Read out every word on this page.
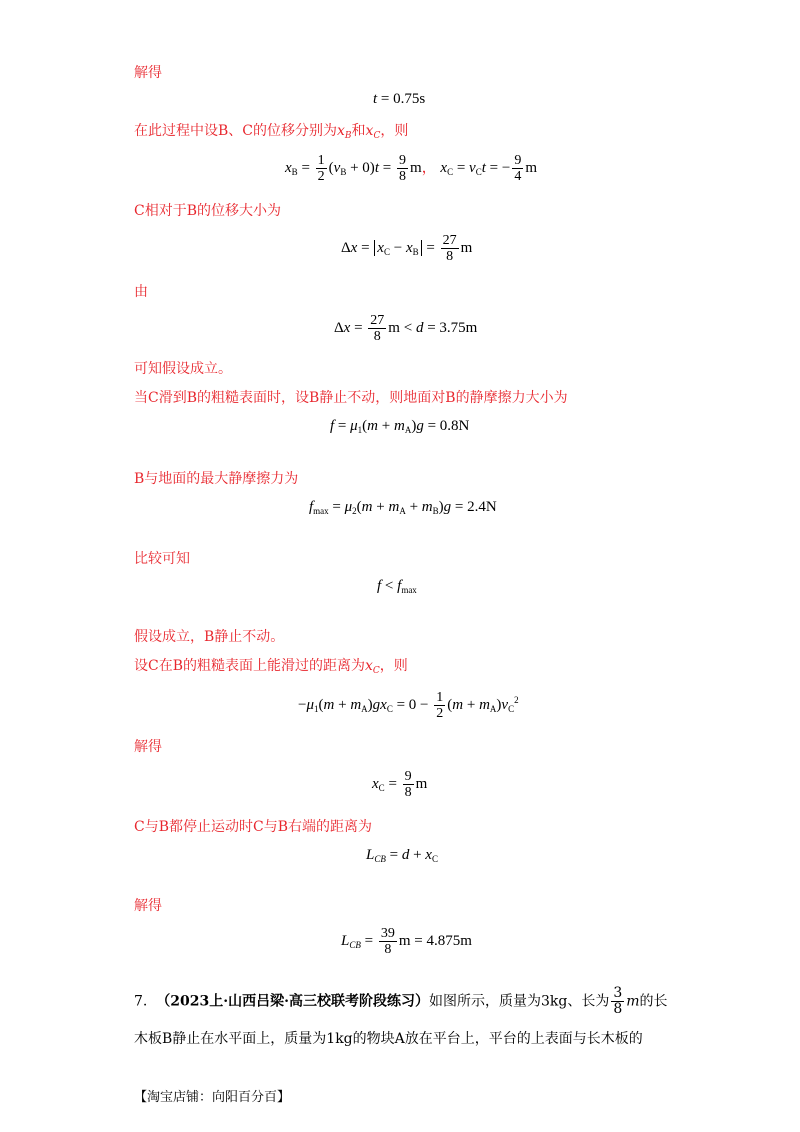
解得
t = 0.75s
在此过程中设B、C的位移分别为$x_B$和$x_C$，则
$x_B = \frac{1}{2} (v_B + 0)t = \frac{9}{8}$ m， $x_C = v_Ct$ = − $\frac{9}{4}$ m
C相对于B的位移大小为
$\Delta x = x_C - x_B = \frac{27}{8}$ m
由
$\Delta x = \frac{27}{8}$ m < d = 3.75m
可知假设成立。
当C滑到B的粗糙表面时，设B静止不动，则地面对B的静摩擦力大小为
$f = \mu_1(m + m_A)g = 0.8N$
B与地面的最大静摩擦力为
$f_{max} = \mu_2(m + m_A + m_B)g = 2.4N$
比较可知
$f < f_{max}$
假设成立，B静止不动。
设C在B的粗糙表面上能滑过的距离为$x_C$，则
$-\mu_1(m + m_A)gx_C = 0 - \frac{1}{2} (m + m_A)v_C^2$
解得
$x_C = \frac{9}{8}$ m
C与B都停止运动时C与B右端的距离为
$L_{CB} = d + x_C$
解得
$L_{CB} = \frac{39}{8}$ m = 4.875m
7. （2023上·山西吕梁·高三校联考阶段练习）如图所示，质量为3kg、长为 $\frac{3}{8}$ m的长
木板B静止在水平面上，质量为1kg的物块A放在平台上，平台的上表面与长木板的
【淘宝店铺：向阳百分百】
